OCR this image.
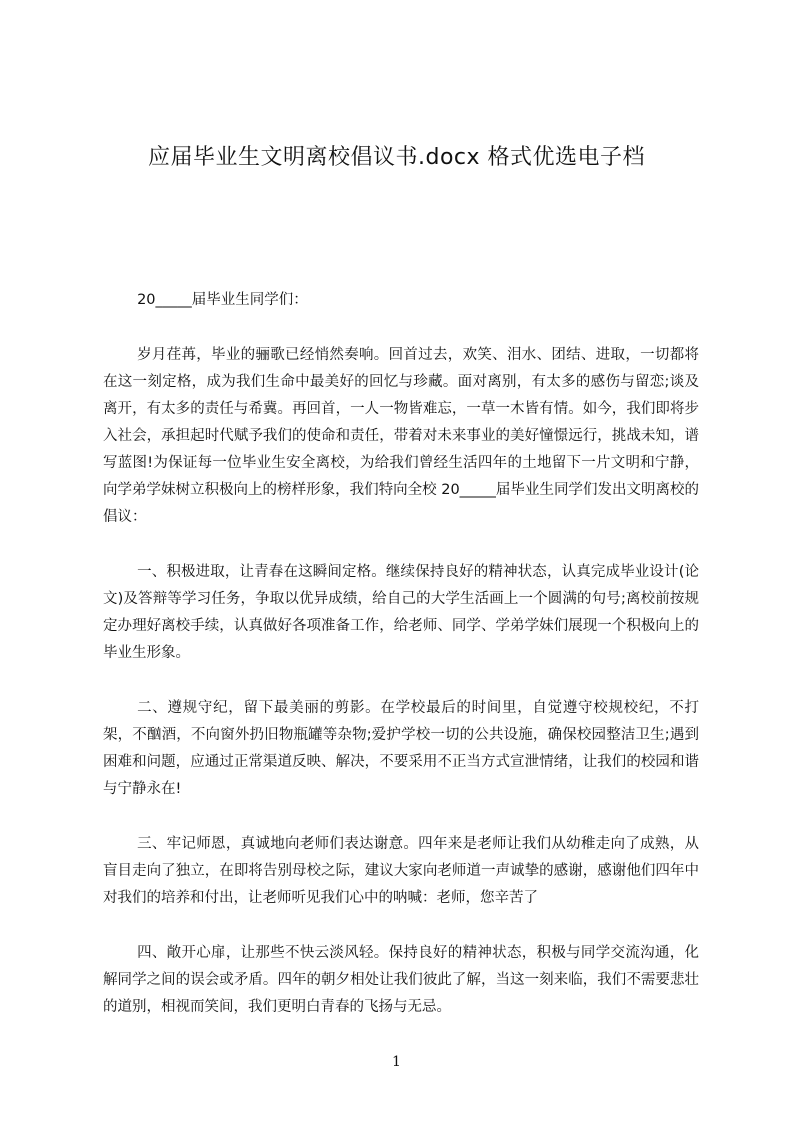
应届毕业生文明离校倡议书.docx 格式优选电子档

20_____届毕业生同学们：

岁月荏苒，毕业的骊歌已经悄然奏响。回首过去，欢笑、泪水、团结、进取，一切都将在这一刻定格，成为我们生命中最美好的回忆与珍藏。面对离别，有太多的感伤与留恋;谈及离开，有太多的责任与希冀。再回首，一人一物皆难忘，一草一木皆有情。如今，我们即将步入社会，承担起时代赋予我们的使命和责任，带着对未来事业的美好憧憬远行，挑战未知，谱写蓝图!为保证每一位毕业生安全离校，为给我们曾经生活四年的土地留下一片文明和宁静，向学弟学妹树立积极向上的榜样形象，我们特向全校 20_____届毕业生同学们发出文明离校的倡议：

一、积极进取，让青春在这瞬间定格。继续保持良好的精神状态，认真完成毕业设计(论文)及答辩等学习任务，争取以优异成绩，给自己的大学生活画上一个圆满的句号;离校前按规定办理好离校手续，认真做好各项准备工作，给老师、同学、学弟学妹们展现一个积极向上的毕业生形象。

二、遵规守纪，留下最美丽的剪影。在学校最后的时间里，自觉遵守校规校纪，不打架，不酗酒，不向窗外扔旧物瓶罐等杂物;爱护学校一切的公共设施，确保校园整洁卫生;遇到困难和问题，应通过正常渠道反映、解决，不要采用不正当方式宣泄情绪，让我们的校园和谐与宁静永在!

三、牢记师恩，真诚地向老师们表达谢意。四年来是老师让我们从幼稚走向了成熟，从盲目走向了独立，在即将告别母校之际，建议大家向老师道一声诚挚的感谢，感谢他们四年中对我们的培养和付出，让老师听见我们心中的呐喊：老师，您辛苦了

四、敞开心扉，让那些不快云淡风轻。保持良好的精神状态，积极与同学交流沟通，化解同学之间的误会或矛盾。四年的朝夕相处让我们彼此了解，当这一刻来临，我们不需要悲壮的道别，相视而笑间，我们更明白青春的飞扬与无忌。

1
